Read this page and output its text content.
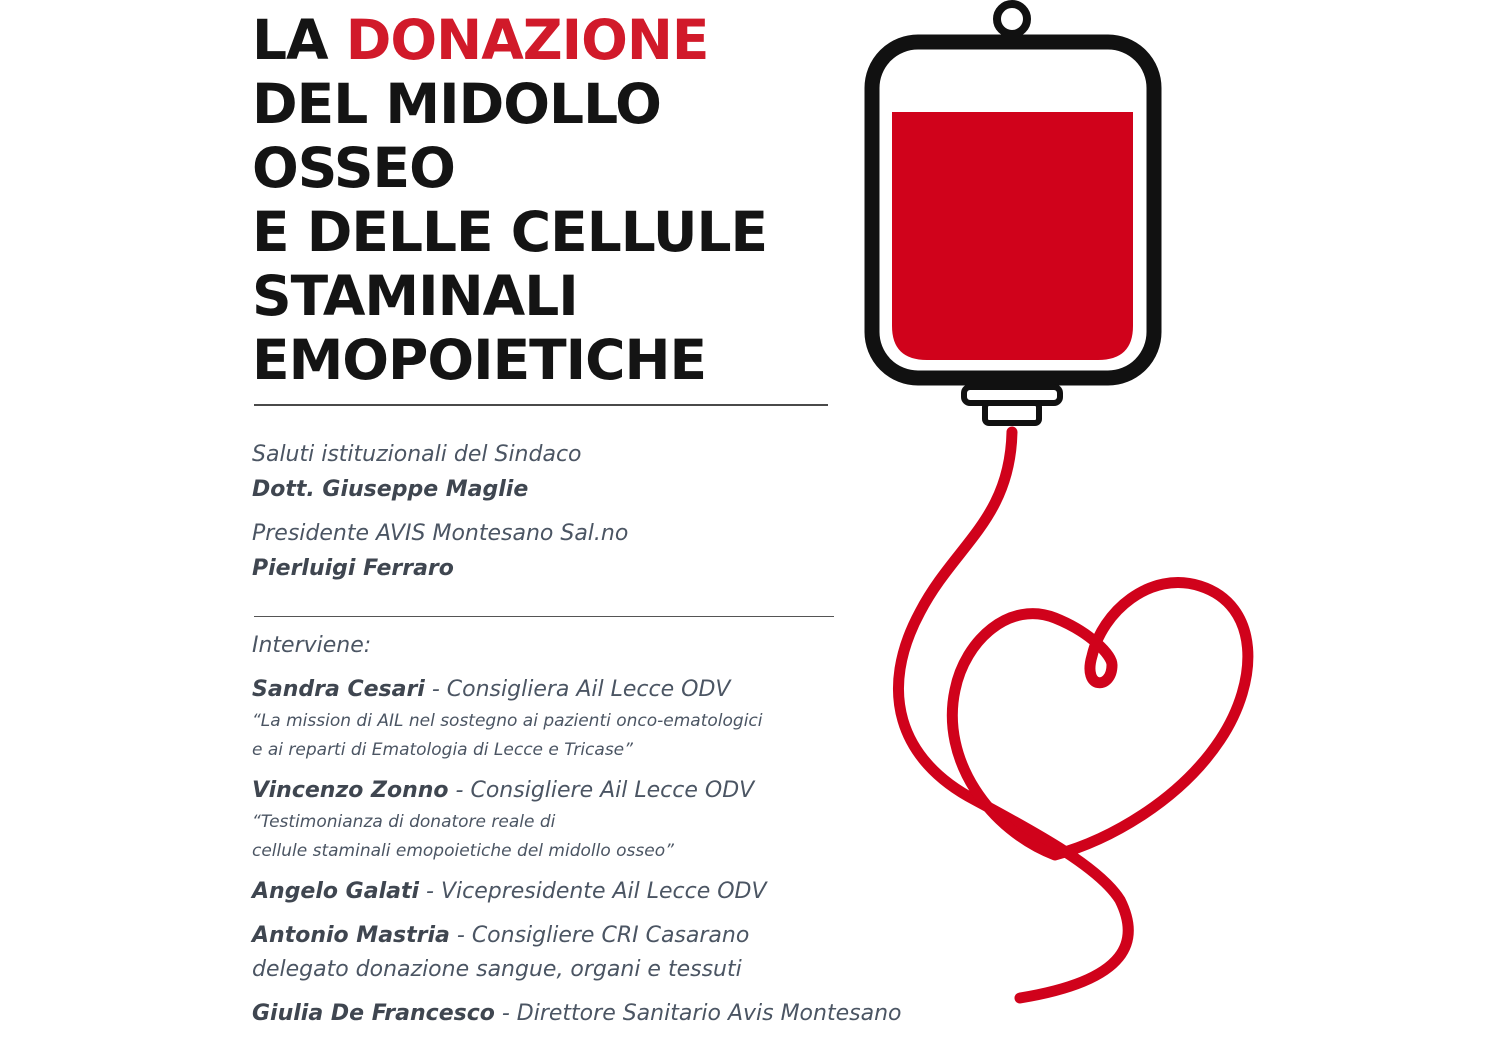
LA DONAZIONE
DEL MIDOLLO
OSSEO
E DELLE CELLULE
STAMINALI
EMOPOIETICHE
Saluti istituzionali del Sindaco
Dott. Giuseppe Maglie
Presidente AVIS Montesano Sal.no
Pierluigi Ferraro
Interviene:
Sandra Cesari - Consigliera Ail Lecce ODV
“La mission di AIL nel sostegno ai pazienti onco-ematologici
e ai reparti di Ematologia di Lecce e Tricase”
Vincenzo Zonno - Consigliere Ail Lecce ODV
“Testimonianza di donatore reale di
cellule staminali emopoietiche del midollo osseo”
Angelo Galati - Vicepresidente Ail Lecce ODV
Antonio Mastria - Consigliere CRI Casarano
delegato donazione sangue, organi e tessuti
Giulia De Francesco - Direttore Sanitario Avis Montesano
